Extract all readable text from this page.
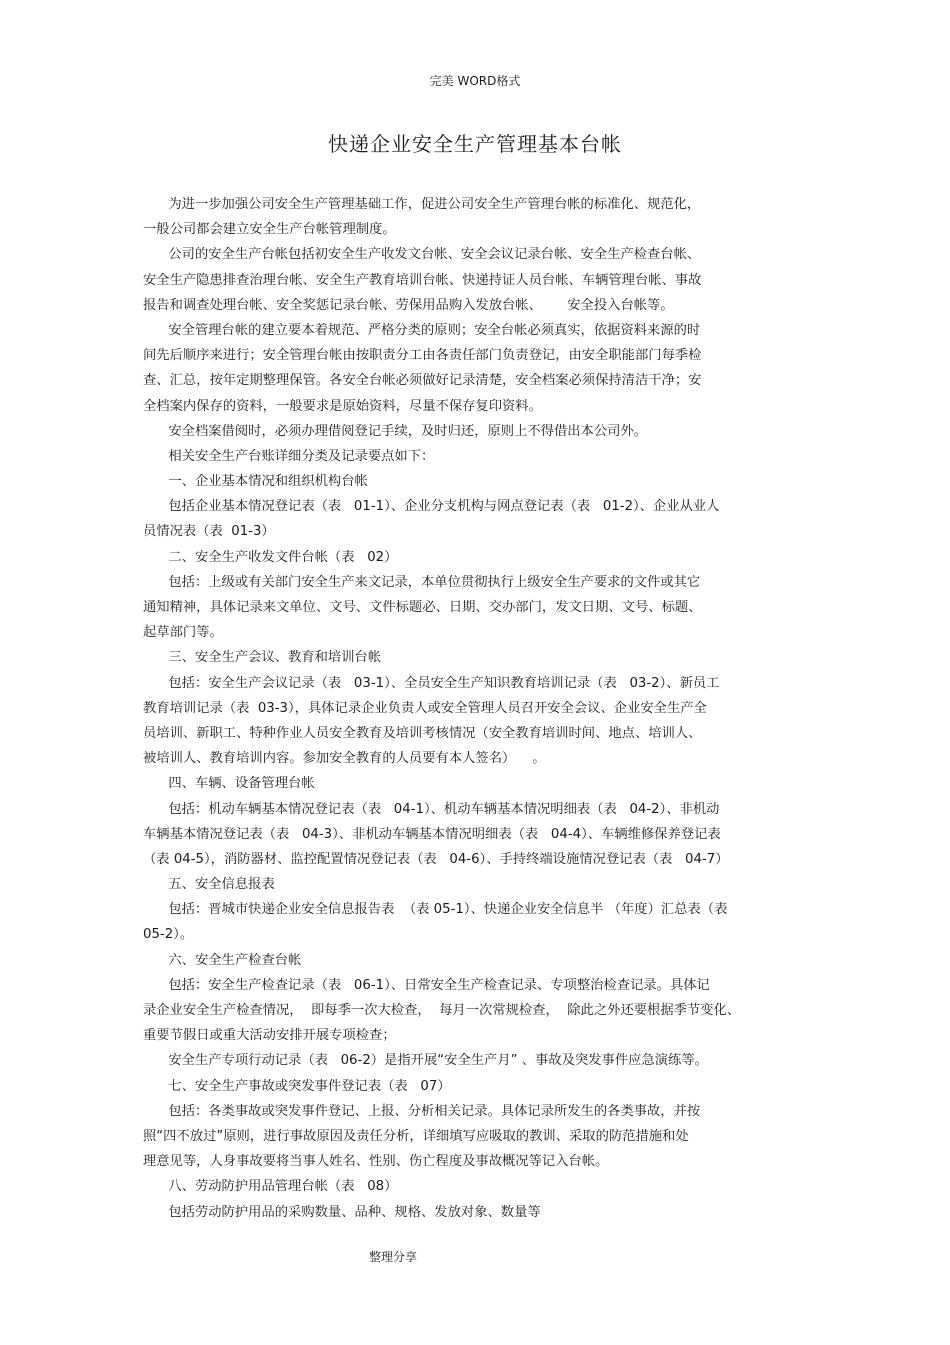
完美 WORD格式
快递企业安全生产管理基本台帐
为进一步加强公司安全生产管理基础工作，促进公司安全生产管理台帐的标准化、规范化，
一般公司都会建立安全生产台帐管理制度。
公司的安全生产台帐包括初安全生产收发文台帐、安全会议记录台帐、安全生产检查台帐、
安全生产隐患排查治理台帐、安全生产教育培训台帐、快递持证人员台帐、车辆管理台帐、事故
报告和调查处理台帐、安全奖惩记录台帐、劳保用品购入发放台帐、      安全投入台帐等。
安全管理台帐的建立要本着规范、严格分类的原则；安全台帐必须真实，依据资料来源的时
间先后顺序来进行；安全管理台帐由按职责分工由各责任部门负责登记，由安全职能部门每季检
查、汇总，按年定期整理保管。各安全台帐必须做好记录清楚，安全档案必须保持清洁干净；安
全档案内保存的资料，一般要求是原始资料，尽量不保存复印资料。
安全档案借阅时，必须办理借阅登记手续，及时归还，原则上不得借出本公司外。
相关安全生产台账详细分类及记录要点如下：
一、企业基本情况和组织机构台帐
包括企业基本情况登记表（表   01-1）、企业分支机构与网点登记表（表   01-2）、企业从业人
员情况表（表  01-3）
二、安全生产收发文件台帐（表   02）
包括：上级或有关部门安全生产来文记录，本单位贯彻执行上级安全生产要求的文件或其它
通知精神，具体记录来文单位、文号、文件标题必、日期、交办部门，发文日期、文号、标题、
起草部门等。
三、安全生产会议、教育和培训台帐
包括：安全生产会议记录（表   03-1）、全员安全生产知识教育培训记录（表   03-2）、新员工
教育培训记录（表  03-3），具体记录企业负责人或安全管理人员召开安全会议、企业安全生产全
员培训、新职工、特种作业人员安全教育及培训考核情况（安全教育培训时间、地点、培训人、
被培训人、教育培训内容。参加安全教育的人员要有本人签名）    。
四、车辆、设备管理台帐
包括：机动车辆基本情况登记表（表   04-1）、机动车辆基本情况明细表（表   04-2）、非机动
车辆基本情况登记表（表   04-3）、非机动车辆基本情况明细表（表   04-4）、车辆维修保养登记表
（表 04-5），消防器材、监控配置情况登记表（表   04-6）、手持终端设施情况登记表（表   04-7）
五、安全信息报表
包括：晋城市快递企业安全信息报告表  （表 05-1）、快递企业安全信息半 （年度）汇总表（表
05-2）。
六、安全生产检查台帐
包括：安全生产检查记录（表   06-1）、日常安全生产检查记录、专项整治检查记录。具体记
录企业安全生产检查情况，  即每季一次大检查，  每月一次常规检查，  除此之外还要根据季节变化、
重要节假日或重大活动安排开展专项检查；
安全生产专项行动记录（表   06-2）是指开展“安全生产月” 、事故及突发事件应急演练等。
七、安全生产事故或突发事件登记表（表   07）
包括：各类事故或突发事件登记、上报、分析相关记录。具体记录所发生的各类事故，并按
照“四不放过”原则，进行事故原因及责任分析，详细填写应吸取的教训、采取的防范措施和处
理意见等，人身事故要将当事人姓名、性别、伤亡程度及事故概况等记入台帐。
八、劳动防护用品管理台帐（表   08）
包括劳动防护用品的采购数量、品种、规格、发放对象、数量等
整理分享
